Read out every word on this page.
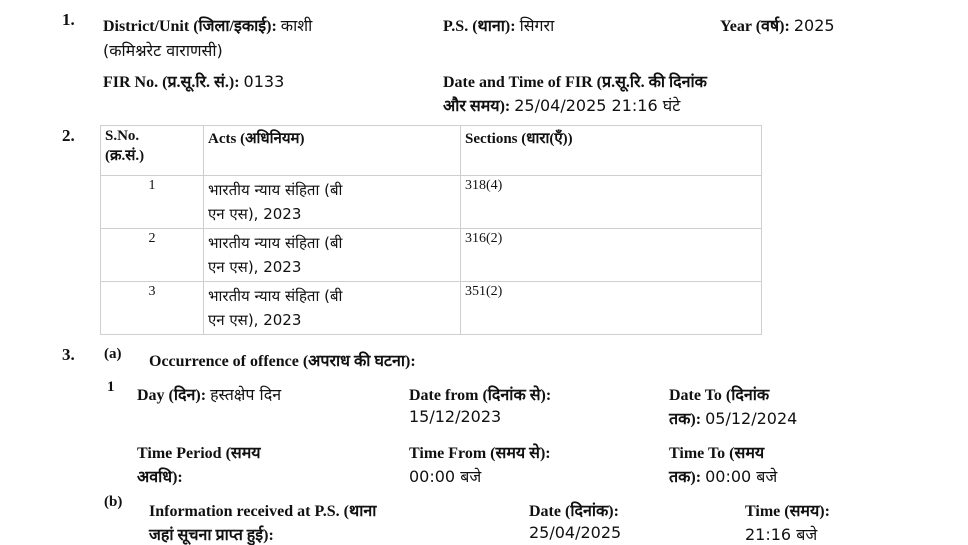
1. District/Unit (जिला/इकाई): काशी
(कमिश्नरेट वाराणसी)
P.S. (थाना): सिगरा	Year (वर्ष): 2025
FIR No. (प्र.सू.रि. सं.): 0133	Date and Time of FIR (प्र.सू.रि. की दिनांक
और समय): 25/04/2025 21:16 घंटे
2. S.No.
(क्र.सं.)	Acts (अधिनियम)	Sections (धारा(एँ))
1	भारतीय न्याय संहिता (बी
एन एस), 2023	318(4)
2	भारतीय न्याय संहिता (बी
एन एस), 2023	316(2)
3	भारतीय न्याय संहिता (बी
एन एस), 2023	351(2)
3. (a) Occurrence of offence (अपराध की घटना):
1 Day (दिन): हस्तक्षेप दिन	Date from (दिनांक से):
15/12/2023
Date To (दिनांक
तक): 05/12/2024
Time Period (समय
अवधि):
Time From (समय से):
00:00 बजे
Time To (समय
तक): 00:00 बजे
(b)
Information received at P.S. (थाना
जहां सूचना प्राप्त हुई):
Date (दिनांक):
25/04/2025
Time (समय):
21:16 बजे
